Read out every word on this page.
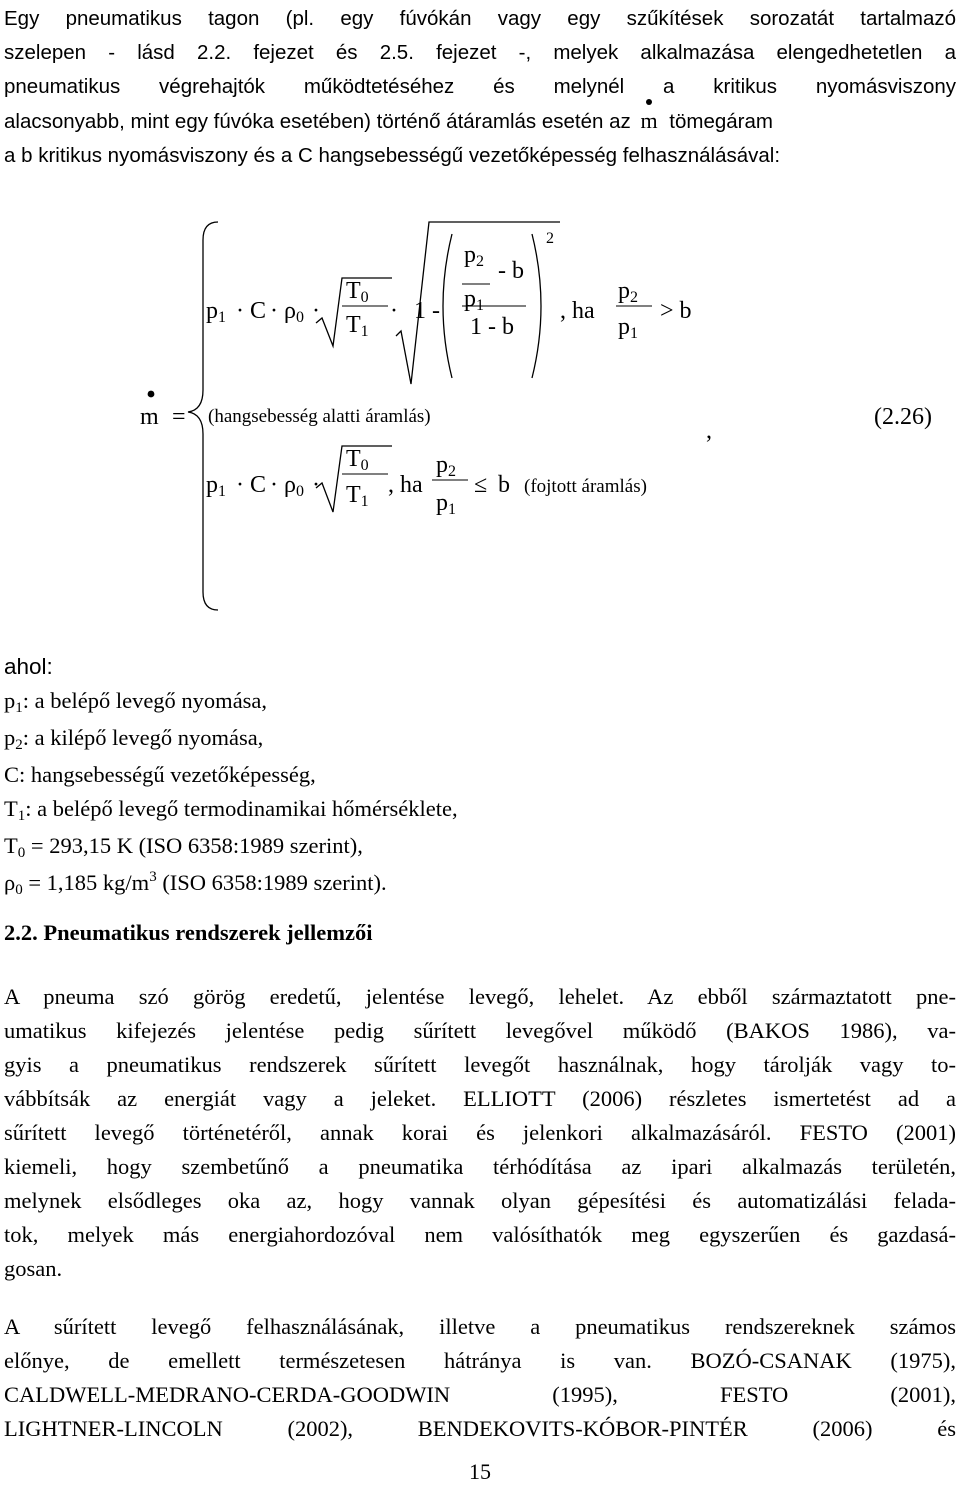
Egy pneumatikus tagon (pl. egy fúvókán vagy egy szűkítések sorozatát tartalmazó
szelepen - lásd 2.2. fejezet és 2.5. fejezet -, melyek alkalmazása elengedhetetlen a
pneumatikus végrehajtók működtetéséhez és melynél a kritikus nyomásviszony
alacsonyabb, mint egy fúvóka esetében) történő átáramlás esetén az m tömegáram
a b kritikus nyomásviszony és a C hangsebességű vezetőképesség felhasználásával:
m =
p1 · C · ρ0 ·
T0
T1
· 1 -
p2 - b
p1
1 - b
2
, ha
p2
p1
> b
(hangsebesség alatti áramlás)
,
(2.26)
p1 · C · ρ0 ·
T0
T1
, ha
p2
p1
≤ b (fojtott áramlás)
ahol:
p1: a belépő levegő nyomása,
p2: a kilépő levegő nyomása,
C: hangsebességű vezetőképesség,
T1: a belépő levegő termodinamikai hőmérséklete,
T0 = 293,15 K (ISO 6358:1989 szerint),
ρ0 = 1,185 $kg/m^3$ (ISO 6358:1989 szerint).
2.2. Pneumatikus rendszerek jellemzői
A pneuma szó görög eredetű, jelentése levegő, lehelet. Az ebből származtatott pne-
umatikus kifejezés jelentése pedig sűrített levegővel működő (BAKOS 1986), va-
gyis a pneumatikus rendszerek sűrített levegőt használnak, hogy tárolják vagy to-
vábbítsák az energiát vagy a jeleket. ELLIOTT (2006) részletes ismertetést ad a
sűrített levegő történetéről, annak korai és jelenkori alkalmazásáról. FESTO (2001)
kiemeli, hogy szembetűnő a pneumatika térhódítása az ipari alkalmazás területén,
melynek elsődleges oka az, hogy vannak olyan gépesítési és automatizálási felada-
tok, melyek más energiahordozóval nem valósíthatók meg egyszerűen és gazdasá-
gosan.
A sűrített levegő felhasználásának, illetve a pneumatikus rendszereknek számos
előnye, de emellett természetesen hátránya is van. BOZÓ-CSANAK (1975),
CALDWELL-MEDRANO-CERDA-GOODWIN (1995), FESTO (2001),
LIGHTNER-LINCOLN (2002), BENDEKOVITS-KÓBOR-PINTÉR (2006) és
15
